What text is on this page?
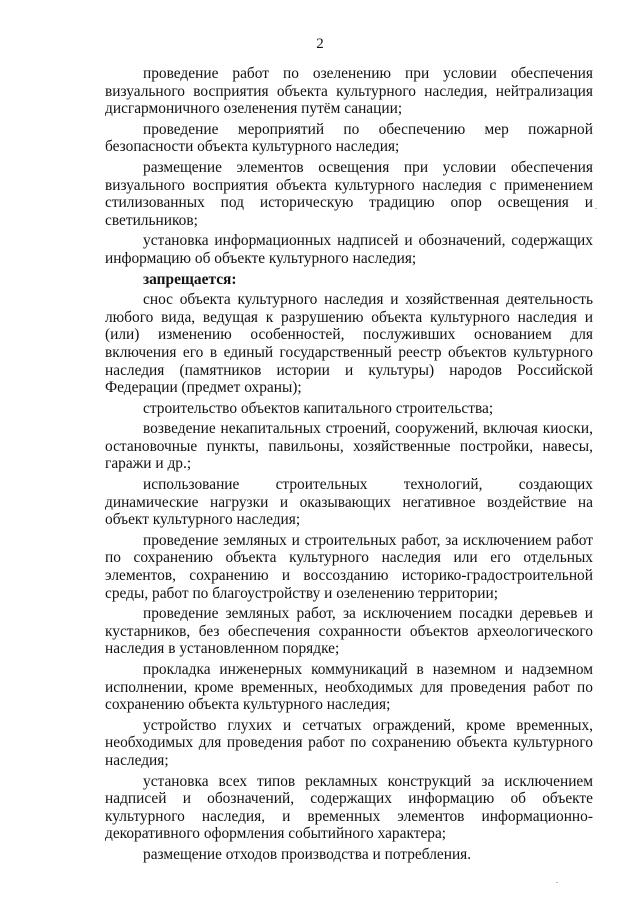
2

проведение работ по озеленению при условии обеспечения визуального восприятия объекта культурного наследия, нейтрализация дисгармоничного озеленения путём санации;

проведение мероприятий по обеспечению мер пожарной безопасности объекта культурного наследия;

размещение элементов освещения при условии обеспечения визуального восприятия объекта культурного наследия с применением стилизованных под историческую традицию опор освещения и светильников;

установка информационных надписей и обозначений, содержащих информацию об объекте культурного наследия;

запрещается:

снос объекта культурного наследия и хозяйственная деятельность любого вида, ведущая к разрушению объекта культурного наследия и (или) изменению особенностей, послуживших основанием для включения его в единый государственный реестр объектов культурного наследия (памятников истории и культуры) народов Российской Федерации (предмет охраны);

строительство объектов капитального строительства;

возведение некапитальных строений, сооружений, включая киоски, остановочные пункты, павильоны, хозяйственные постройки, навесы, гаражи и др.;

использование строительных технологий, создающих динамические нагрузки и оказывающих негативное воздействие на объект культурного наследия;

проведение земляных и строительных работ, за исключением работ по сохранению объекта культурного наследия или его отдельных элементов, сохранению и воссозданию историко-градостроительной среды, работ по благоустройству и озеленению территории;

проведение земляных работ, за исключением посадки деревьев и кустарников, без обеспечения сохранности объектов археологического наследия в установленном порядке;

прокладка инженерных коммуникаций в наземном и надземном исполнении, кроме временных, необходимых для проведения работ по сохранению объекта культурного наследия;

устройство глухих и сетчатых ограждений, кроме временных, необходимых для проведения работ по сохранению объекта культурного наследия;

установка всех типов рекламных конструкций за исключением надписей и обозначений, содержащих информацию об объекте культурного наследия, и временных элементов информационно-декоративного оформления событийного характера;

размещение отходов производства и потребления.
